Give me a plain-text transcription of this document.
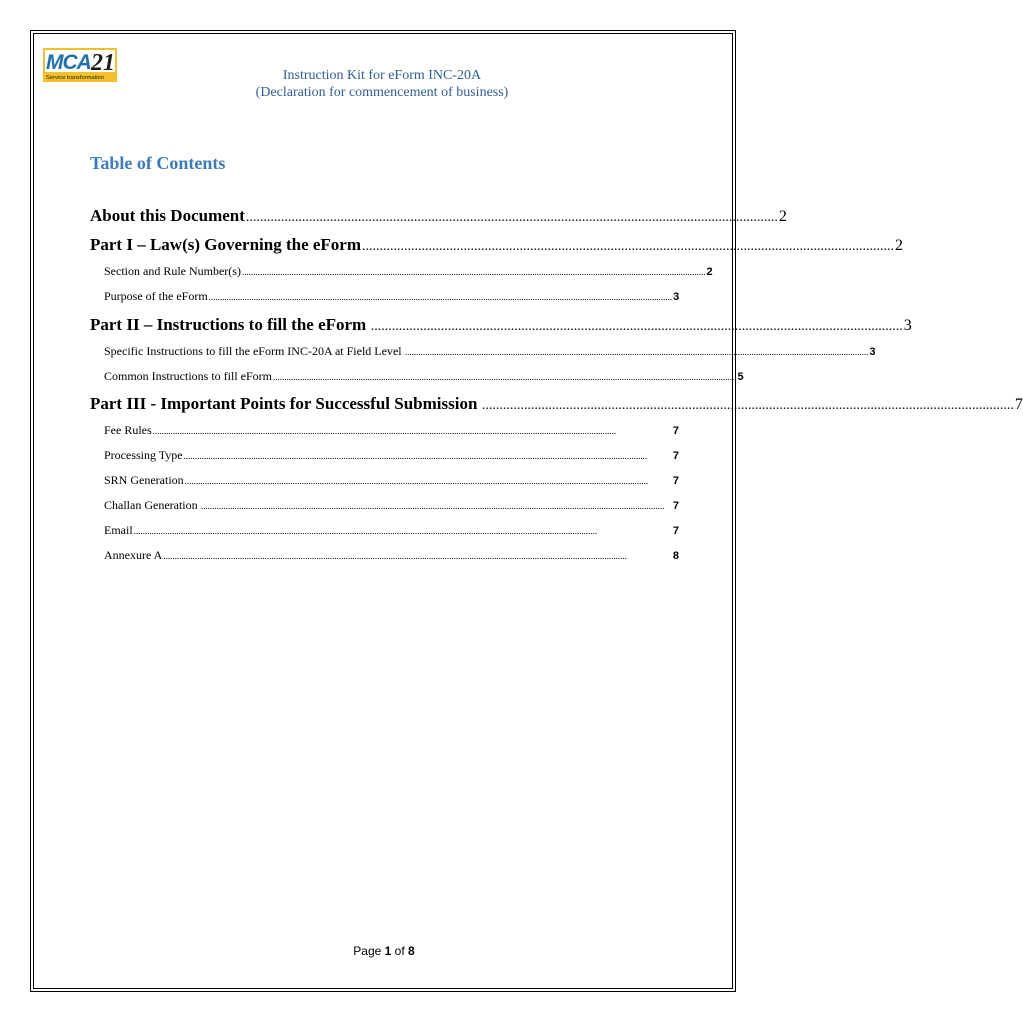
MCA 21
Service transformation	Instruction Kit for eForm INC-20A
(Declaration for commencement of business)
Table of Contents
About this Document ........................................................................................................................................................ 2
Part I – Law(s) Governing the eForm ........................................................................................................................................................ 2
Section and Rule Number(s) .............................................................................................................................................................................................................. 2
Purpose of the eForm .............................................................................................................................................................................................................. 3
Part II – Instructions to fill the eForm ........................................................................................................................................................ 3
Specific Instructions to fill the eForm INC-20A at Field Level .............................................................................................................................................................................................................. 3
Common Instructions to fill eForm .............................................................................................................................................................................................................. 5
Part III - Important Points for Successful Submission ........................................................................................................................................................ 7
Fee Rules ..............................................................................................................................................................................................................	7
Processing Type ..............................................................................................................................................................................................................	7
SRN Generation ..............................................................................................................................................................................................................	7
Challan Generation .............................................................................................................................................................................................................. 7
Email ..............................................................................................................................................................................................................	7
Annexure A ..............................................................................................................................................................................................................	8
Page 1 of 8
